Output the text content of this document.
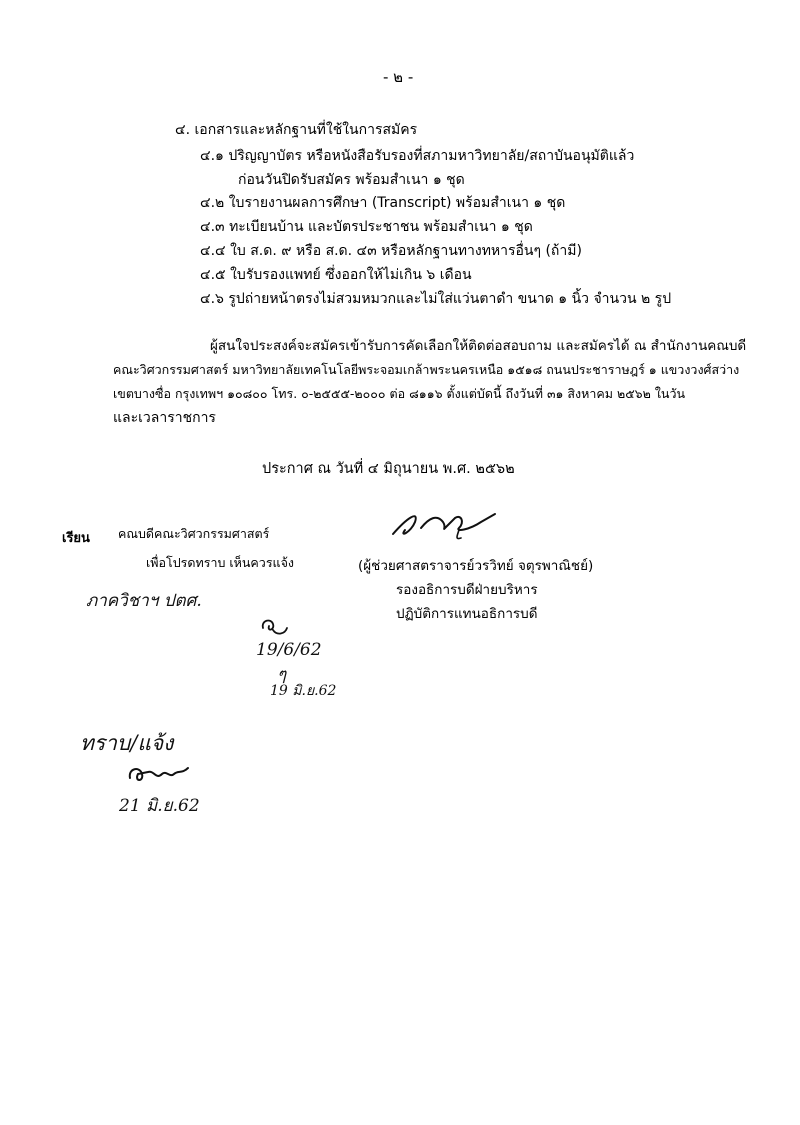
- ๒ -
๔. เอกสารและหลักฐานที่ใช้ในการสมัคร
๔.๑ ปริญญาบัตร หรือหนังสือรับรองที่สภามหาวิทยาลัย/สถาบันอนุมัติแล้ว
ก่อนวันปิดรับสมัคร พร้อมสำเนา ๑ ชุด
๔.๒ ใบรายงานผลการศึกษา (Transcript) พร้อมสำเนา ๑ ชุด
๔.๓ ทะเบียนบ้าน และบัตรประชาชน พร้อมสำเนา ๑ ชุด
๔.๔ ใบ ส.ด. ๙ หรือ ส.ด. ๔๓ หรือหลักฐานทางทหารอื่นๆ (ถ้ามี)
๔.๕ ใบรับรองแพทย์ ซึ่งออกให้ไม่เกิน ๖ เดือน
๔.๖ รูปถ่ายหน้าตรงไม่สวมหมวกและไม่ใส่แว่นตาดำ ขนาด ๑ นิ้ว จำนวน ๒ รูป
ผู้สนใจประสงค์จะสมัครเข้ารับการคัดเลือกให้ติดต่อสอบถาม และสมัครได้ ณ สำนักงานคณบดี
คณะวิศวกรรมศาสตร์ มหาวิทยาลัยเทคโนโลยีพระจอมเกล้าพระนครเหนือ ๑๕๑๘ ถนนประชาราษฎร์ ๑ แขวงวงศ์สว่าง
เขตบางซื่อ กรุงเทพฯ ๑๐๘๐๐ โทร. ๐-๒๕๕๕-๒๐๐๐ ต่อ ๘๑๑๖ ตั้งแต่บัดนี้ ถึงวันที่ ๓๑ สิงหาคม ๒๕๖๒ ในวัน
และเวลาราชการ
ประกาศ ณ วันที่ ๔ มิถุนายน พ.ศ. ๒๕๖๒
เรียน คณบดีคณะวิศวกรรมศาสตร์
เพื่อโปรดทราบ เห็นควรแจ้ง	(ผู้ช่วยศาสตราจารย์วรวิทย์ จตุรพาณิชย์)
รองอธิการบดีฝ่ายบริหาร
ปฏิบัติการแทนอธิการบดี
ภาควิชาฯ ปตศ.
19/6/62
ๆ
19 มิ.ย.62
ทราบ/แจ้ง
21 มิ.ย.62
